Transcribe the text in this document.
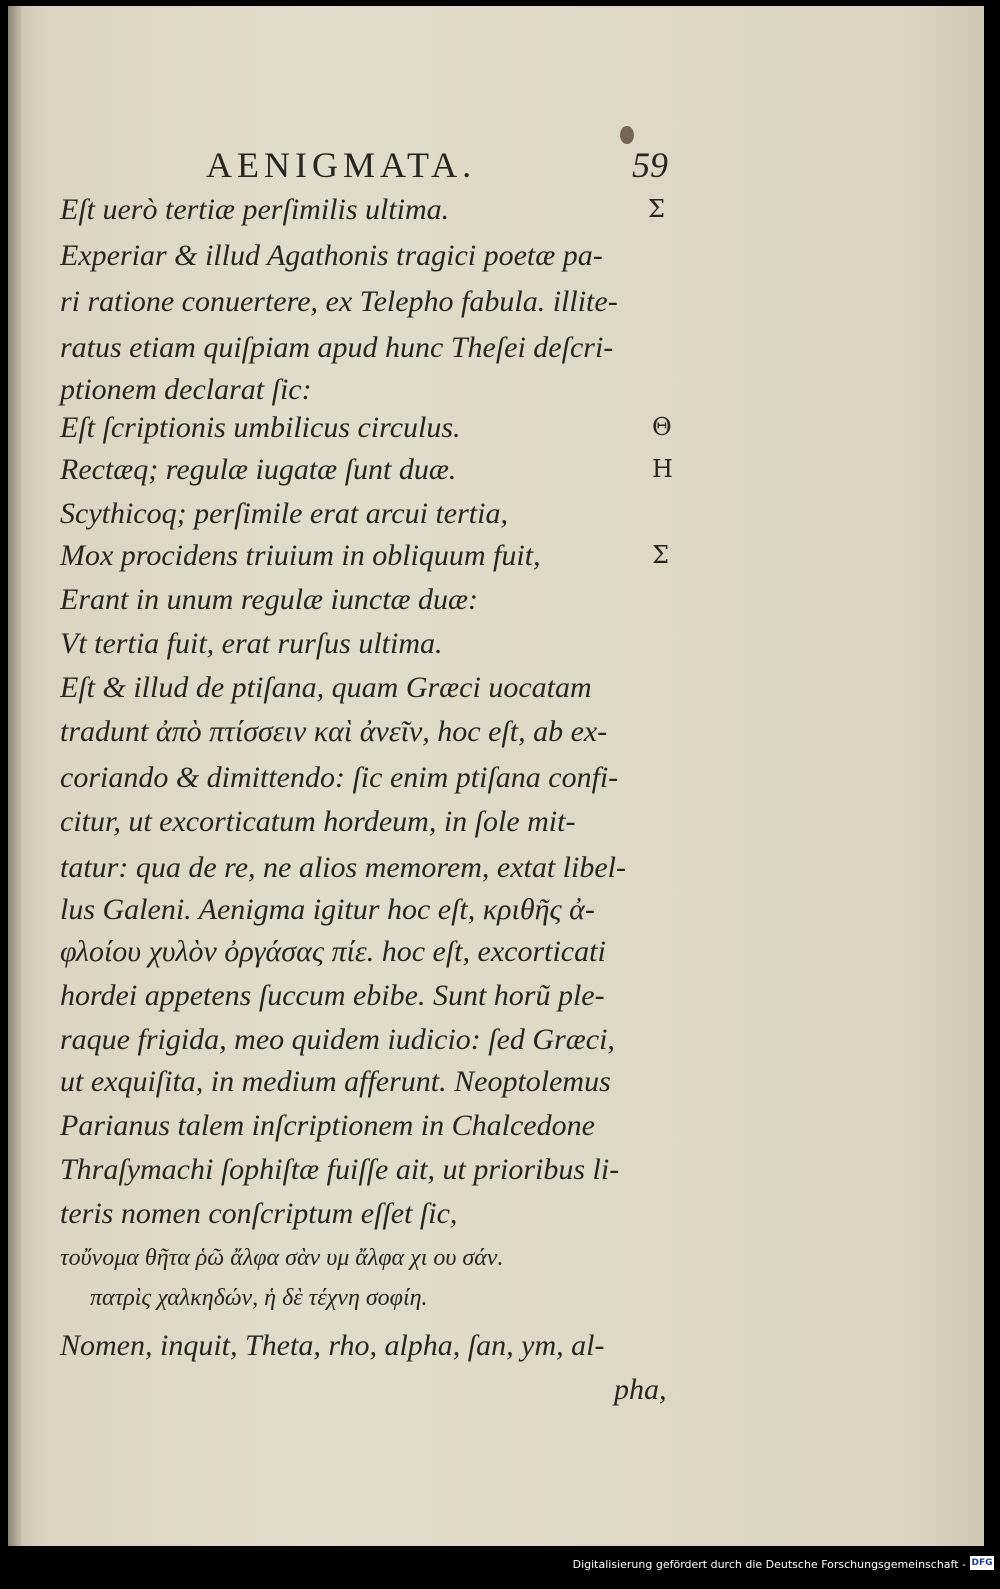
AENIGMATA.	59
Eſt uerò tertiæ perſimilis ultima.
Experiar & illud Agathonis tragici poetæ pa-
ri ratione conuertere, ex Telepho fabula. illite-
ratus etiam quiſpiam apud hunc Theſei deſcri-
ptionem declarat ſic:
Eſt ſcriptionis umbilicus circulus.
Rectæq; regulæ iugatæ ſunt duæ.
Scythicoq; perſimile erat arcui tertia,
Mox procidens triuium in obliquum fuit,
Erant in unum regulæ iunctæ duæ:
Vt tertia fuit, erat rurſus ultima.
Eſt & illud de ptiſana, quam Græci uocatam
tradunt ἀπὸ πτίσσειν καὶ ἀνεῖν, hoc eſt, ab ex-
coriando & dimittendo: ſic enim ptiſana confi-
citur, ut excorticatum hordeum, in ſole mit-
tatur: qua de re, ne alios memorem, extat libel-
lus Galeni. Aenigma igitur hoc eſt, κριθῆς ἀ-
φλοίου χυλὸν ὀργάσας πίε. hoc eſt, excorticati
hordei appetens ſuccum ebibe. Sunt horũ ple-
raque frigida, meo quidem iudicio: ſed Græci,
ut exquiſita, in medium afferunt. Neoptolemus
Parianus talem inſcriptionem in Chalcedone
Thraſymachi ſophiſtæ fuiſſe ait, ut prioribus li-
teris nomen conſcriptum eſſet ſic,
τοὔνομα θῆτα ῥῶ ἄλφα σὰν υμ ἄλφα χι ου σάν.
πατρὶς χαλκηδών, ἡ δὲ τέχνη σοφίη.
Nomen, inquit, Theta, rho, alpha, ſan, ym, al-
pha,
Σ
Θ
Η
Σ
Digitalisierung gefördert durch die Deutsche Forschungsgemeinschaft - DFG
